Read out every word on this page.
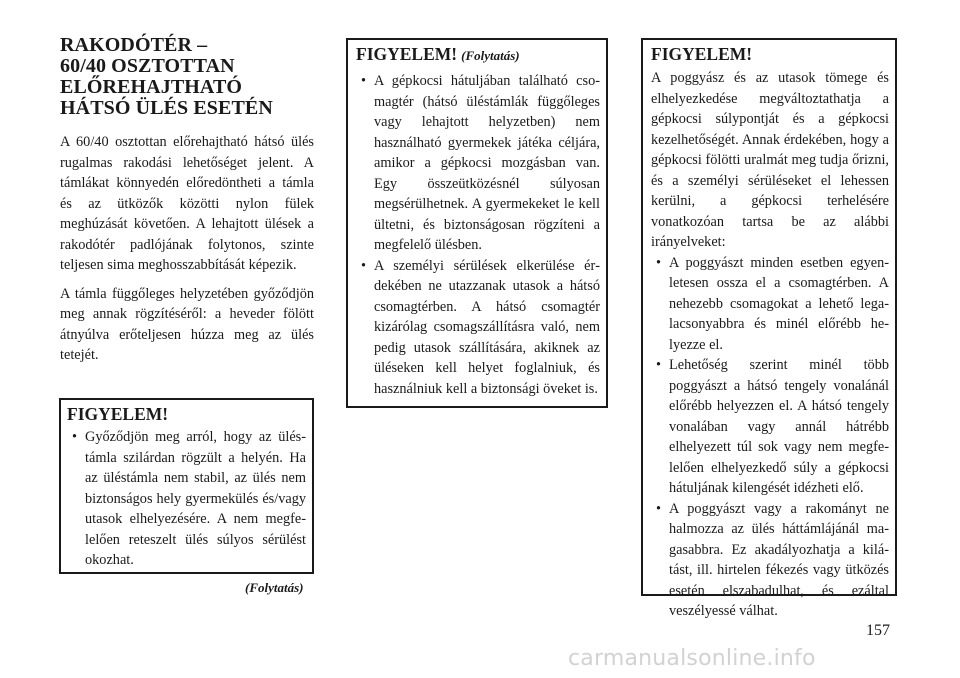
RAKODÓTÉR –
60/40 OSZTOTTAN
ELŐREHAJTHATÓ
HÁTSÓ ÜLÉS ESETÉN

A 60/40 osztottan előrehajtható hátsó ülés rugalmas rakodási lehetőséget jelent. A támlákat könnyedén előredöntheti a támla és az ütközők közötti nylon fülek meghúzását követően. A lehajtott ülések a rakodótér padlójának folytonos, szinte teljesen sima meghosszabbítását képezik.

A támla függőleges helyzetében győződjön meg annak rögzítéséről: a heveder fölött átnyúlva erőteljesen húzza meg az ülés tetejét.

FIGYELEM!
• Győződjön meg arról, hogy az üléstámla szilárdan rögzült a helyén. Ha az üléstámla nem stabil, az ülés nem biztonságos hely gyermekülés és/vagy utasok elhelyezésére. A nem megfelelően reteszelt ülés súlyos sérülést okozhat.
(Folytatás)
FIGYELEM! (Folytatás)
• A gépkocsi hátuljában található csomagtér (hátsó üléstámlák függőleges vagy lehajtott helyzetben) nem használható gyermekek játéka céljára, amikor a gépkocsi mozgásban van. Egy összeütközésnél súlyosan megsérülhetnek. A gyermekeket le kell ültetni, és biztonságosan rögzíteni a megfelelő ülésben.
• A személyi sérülések elkerülése érdekében ne utazzanak utasok a hátsó csomagtérben. A hátsó csomagtér kizárólag csomagszállításra való, nem pedig utasok szállítására, akiknek az üléseken kell helyet foglalniuk, és használniuk kell a biztonsági öveket is.
FIGYELEM!

A poggyász és az utasok tömege és elhelyezkedése megváltoztathatja a gépkocsi súlypontját és a gépkocsi kezelhetőségét. Annak érdekében, hogy a gépkocsi fölötti uralmát meg tudja őrizni, és a személyi sérüléseket el lehessen kerülni, a gépkocsi terhelésére vonatkozóan tartsa be az alábbi irányelveket:

• A poggyászt minden esetben egyenletesen ossza el a csomagtérben. A nehezebb csomagokat a lehető legalacsonyabbra és minél előrébb helyezze el.
• Lehetőség szerint minél több poggyászt a hátsó tengely vonalánál előrébb helyezzen el. A hátsó tengely vonalában vagy annál hátrébb elhelyezett túl sok vagy nem megfelelően elhelyezkedő súly a gépkocsi hátuljának kilengését idézheti elő.
• A poggyászt vagy a rakományt ne halmozza az ülés háttámlájánál magasabbra. Ez akadályozhatja a kilátást, ill. hirtelen fékezés vagy ütközés esetén elszabadulhat, és ezáltal veszélyessé válhat.
157
carmanualsonline.info
